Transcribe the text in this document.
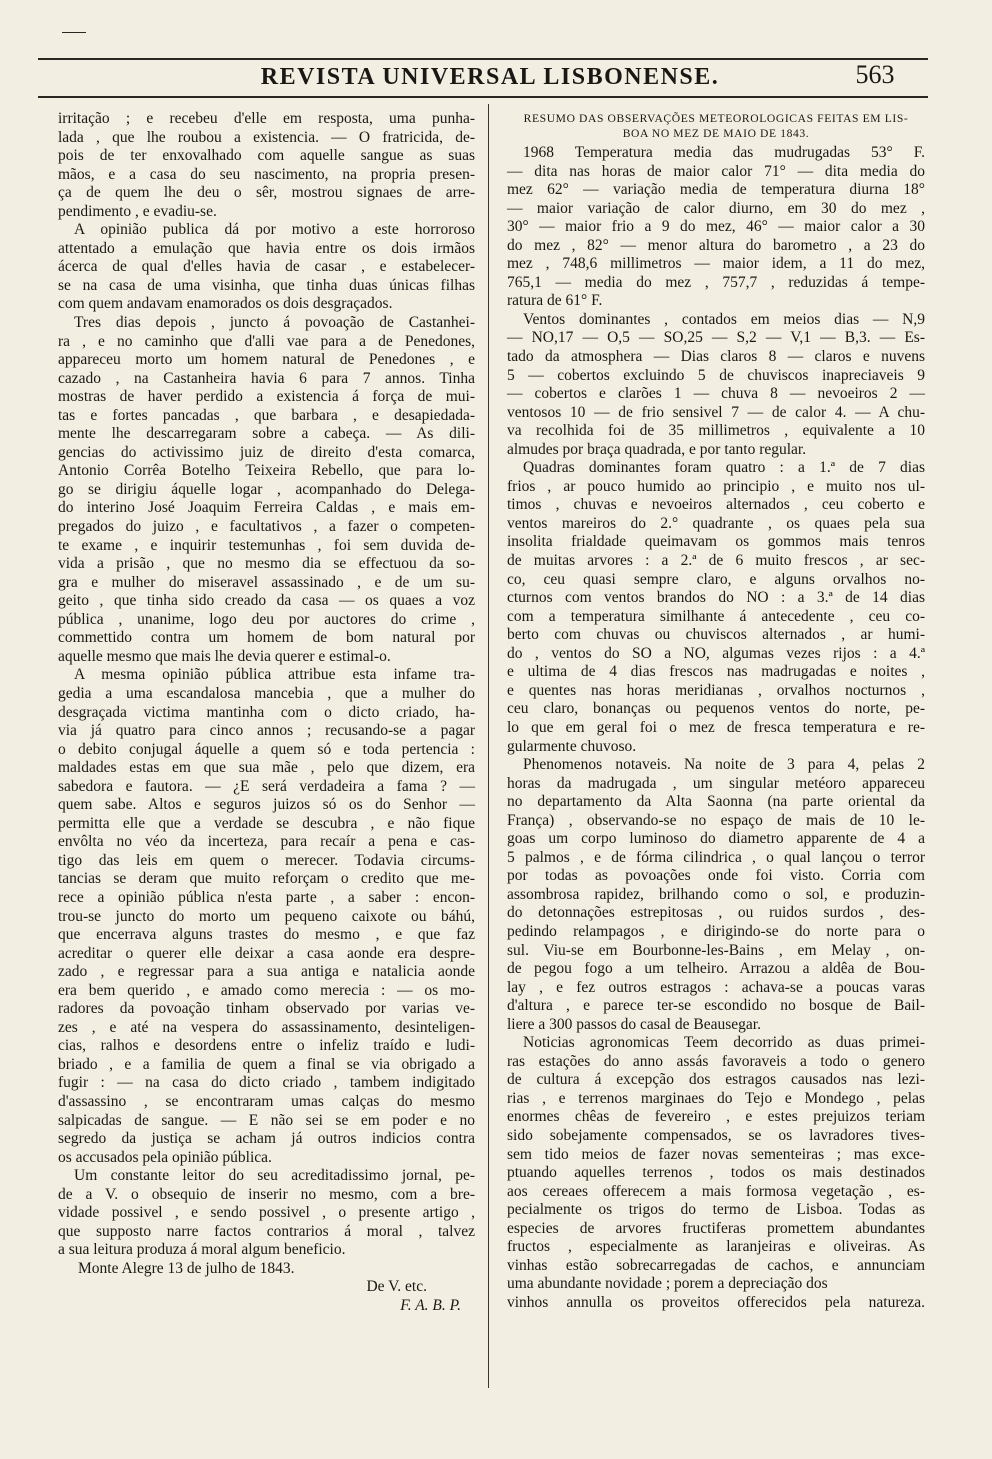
REVISTA UNIVERSAL LISBONENSE.	563

irritação ; e recebeu d'elle em resposta, uma punha-

lada , que lhe roubou a existencia. — O fratricida, de-

pois de ter enxovalhado com aquelle sangue as suas

mãos, e a casa do seu nascimento, na propria presen-

ça de quem lhe deu o sêr, mostrou signaes de arre-

pendimento , e evadiu-se.

A opinião publica dá por motivo a este horroroso

attentado a emulação que havia entre os dois irmãos

ácerca de qual d'elles havia de casar , e estabelecer-

se na casa de uma visinha, que tinha duas únicas filhas

com quem andavam enamorados os dois desgraçados.

Tres dias depois , juncto á povoação de Castanhei-

ra , e no caminho que d'alli vae para a de Penedones,

appareceu morto um homem natural de Penedones , e

cazado , na Castanheira havia 6 para 7 annos. Tinha

mostras de haver perdido a existencia á força de mui-

tas e fortes pancadas , que barbara , e desapiedada-

mente lhe descarregaram sobre a cabeça. — As dili-

gencias do activissimo juiz de direito d'esta comarca,

Antonio Corrêa Botelho Teixeira Rebello, que para lo-

go se dirigiu áquelle logar , acompanhado do Delega-

do interino José Joaquim Ferreira Caldas , e mais em-

pregados do juizo , e facultativos , a fazer o competen-

te exame , e inquirir testemunhas , foi sem duvida de-

vida a prisão , que no mesmo dia se effectuou da so-

gra e mulher do miseravel assassinado , e de um su-

geito , que tinha sido creado da casa — os quaes a voz

pública , unanime, logo deu por auctores do crime ,

commettido contra um homem de bom natural por

aquelle mesmo que mais lhe devia querer e estimal-o.

A mesma opinião pública attribue esta infame tra-

gedia a uma escandalosa mancebia , que a mulher do

desgraçada victima mantinha com o dicto criado, ha-

via já quatro para cinco annos ; recusando-se a pagar

o debito conjugal áquelle a quem só e toda pertencia :

maldades estas em que sua mãe , pelo que dizem, era

sabedora e fautora. — ¿E será verdadeira a fama ? —

quem sabe. Altos e seguros juizos só os do Senhor —

permitta elle que a verdade se descubra , e não fique

envôlta no véo da incerteza, para recaír a pena e cas-

tigo das leis em quem o merecer. Todavia circums-

tancias se deram que muito reforçam o credito que me-

rece a opinião pública n'esta parte , a saber : encon-

trou-se juncto do morto um pequeno caixote ou báhú,

que encerrava alguns trastes do mesmo , e que faz

acreditar o querer elle deixar a casa aonde era despre-

zado , e regressar para a sua antiga e natalicia aonde

era bem querido , e amado como merecia : — os mo-

radores da povoação tinham observado por varias ve-

zes , e até na vespera do assassinamento, desinteligen-

cias, ralhos e desordens entre o infeliz traído e ludi-

briado , e a familia de quem a final se via obrigado a

fugir : — na casa do dicto criado , tambem indigitado

d'assassino , se encontraram umas calças do mesmo

salpicadas de sangue. — E não sei se em poder e no

segredo da justiça se acham já outros indicios contra

os accusados pela opinião pública.

Um constante leitor do seu acreditadissimo jornal, pe-

de a V. o obsequio de inserir no mesmo, com a bre-

vidade possivel , e sendo possivel , o presente artigo ,

que supposto narre factos contrarios á moral , talvez

a sua leitura produza á moral algum beneficio.

Monte Alegre 13 de julho de 1843.

De V. etc.

F. A. B. P.

RESUMO DAS OBSERVAÇÕES METEOROLOGICAS FEITAS EM LIS-
BOA NO MEZ DE MAIO DE 1843.

1968 Temperatura media das mudrugadas 53° F.

— dita nas horas de maior calor 71° — dita media do

mez 62° — variação media de temperatura diurna 18°

— maior variação de calor diurno, em 30 do mez ,

30° — maior frio a 9 do mez, 46° — maior calor a 30

do mez , 82° — menor altura do barometro , a 23 do

mez , 748,6 millimetros — maior idem, a 11 do mez,

765,1 — media do mez , 757,7 , reduzidas á tempe-

ratura de 61° F.

Ventos dominantes , contados em meios dias — N,9

— NO,17 — O,5 — SO,25 — S,2 — V,1 — B,3. — Es-

tado da atmosphera — Dias claros 8 — claros e nuvens

5 — cobertos excluindo 5 de chuviscos inapreciaveis 9

— cobertos e clarões 1 — chuva 8 — nevoeiros 2 —

ventosos 10 — de frio sensivel 7 — de calor 4. — A chu-

va recolhida foi de 35 millimetros , equivalente a 10

almudes por braça quadrada, e por tanto regular.

Quadras dominantes foram quatro : a 1.ª de 7 dias

frios , ar pouco humido ao principio , e muito nos ul-

timos , chuvas e nevoeiros alternados , ceu coberto e

ventos mareiros do 2.° quadrante , os quaes pela sua

insolita frialdade queimavam os gommos mais tenros

de muitas arvores : a 2.ª de 6 muito frescos , ar sec-

co, ceu quasi sempre claro, e alguns orvalhos no-

cturnos com ventos brandos do NO : a 3.ª de 14 dias

com a temperatura similhante á antecedente , ceu co-

berto com chuvas ou chuviscos alternados , ar humi-

do , ventos do SO a NO, algumas vezes rijos : a 4.ª

e ultima de 4 dias frescos nas madrugadas e noites ,

e quentes nas horas meridianas , orvalhos nocturnos ,

ceu claro, bonanças ou pequenos ventos do norte, pe-

lo que em geral foi o mez de fresca temperatura e re-

gularmente chuvoso.

Phenomenos notaveis. Na noite de 3 para 4, pelas 2

horas da madrugada , um singular metéoro appareceu

no departamento da Alta Saonna (na parte oriental da

França) , observando-se no espaço de mais de 10 le-

goas um corpo luminoso do diametro apparente de 4 a

5 palmos , e de fórma cilindrica , o qual lançou o terror

por todas as povoações onde foi visto. Corria com

assombrosa rapidez, brilhando como o sol, e produzin-

do detonnações estrepitosas , ou ruidos surdos , des-

pedindo relampagos , e dirigindo-se do norte para o

sul. Viu-se em Bourbonne-les-Bains , em Melay , on-

de pegou fogo a um telheiro. Arrazou a aldêa de Bou-

lay , e fez outros estragos : achava-se a poucas varas

d'altura , e parece ter-se escondido no bosque de Bail-

liere a 300 passos do casal de Beausegar.

Noticias agronomicas Teem decorrido as duas primei-

ras estações do anno assás favoraveis a todo o genero

de cultura á excepção dos estragos causados nas lezi-

rias , e terrenos marginaes do Tejo e Mondego , pelas

enormes chêas de fevereiro , e estes prejuizos teriam

sido sobejamente compensados, se os lavradores tives-

sem tido meios de fazer novas sementeiras ; mas exce-

ptuando aquelles terrenos , todos os mais destinados

aos cereaes offerecem a mais formosa vegetação , es-

pecialmente os trigos do termo de Lisboa. Todas as

especies de arvores fructiferas promettem abundantes

fructos , especialmente as laranjeiras e oliveiras. As

vinhas estão sobrecarregadas de cachos, e annunciam

uma abundante novidade ; porem a depreciação dos

vinhos annulla os proveitos offerecidos pela natureza.
